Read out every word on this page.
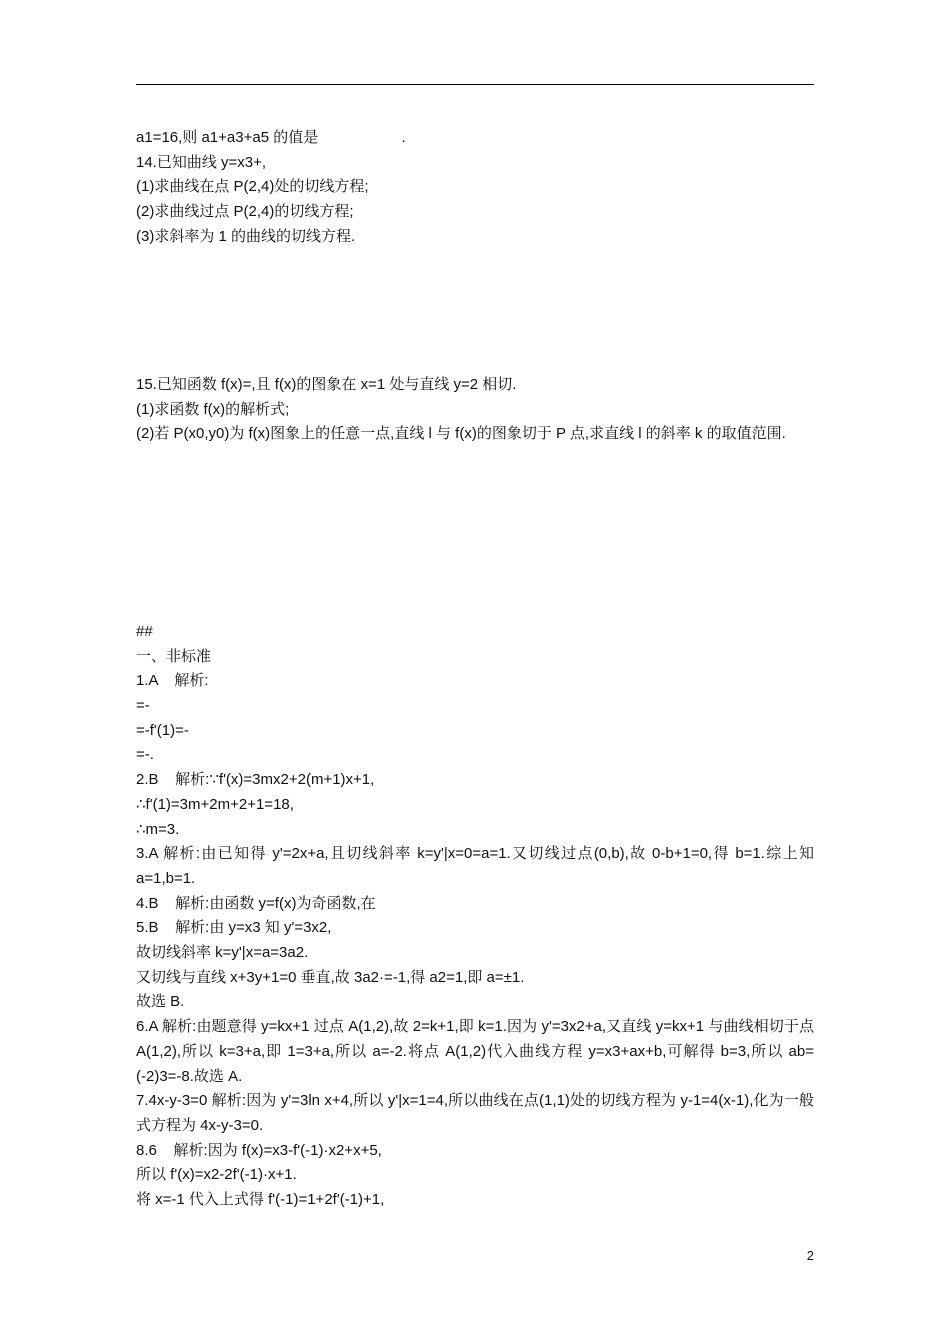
a1=16,则 a1+a3+a5 的值是                    .
14.已知曲线 y=x3+,
(1)求曲线在点 P(2,4)处的切线方程;
(2)求曲线过点 P(2,4)的切线方程;
(3)求斜率为 1 的曲线的切线方程.
15.已知函数 f(x)=,且 f(x)的图象在 x=1 处与直线 y=2 相切.
(1)求函数 f(x)的解析式;
(2)若 P(x0,y0)为 f(x)图象上的任意一点,直线 l 与 f(x)的图象切于 P 点,求直线 l 的斜率 k 的取值范围.
##
一、非标准
1.A    解析:
=-
=-f'(1)=-
=-.
2.B    解析:∵f'(x)=3mx2+2(m+1)x+1,
∴f'(1)=3m+2m+2+1=18,
∴m=3.
3.A 解析:由已知得 y'=2x+a,且切线斜率 k=y'|x=0=a=1.又切线过点(0,b),故 0-b+1=0,得 b=1.综上知 a=1,b=1.
4.B    解析:由函数 y=f(x)为奇函数,在
5.B    解析:由 y=x3 知 y'=3x2,
故切线斜率 k=y'|x=a=3a2.
又切线与直线 x+3y+1=0 垂直,故 3a2·=-1,得 a2=1,即 a=±1.
故选 B.
6.A 解析:由题意得 y=kx+1 过点 A(1,2),故 2=k+1,即 k=1.因为 y'=3x2+a,又直线 y=kx+1 与曲线相切于点 A(1,2),所以 k=3+a,即 1=3+a,所以 a=-2.将点 A(1,2)代入曲线方程 y=x3+ax+b,可解得 b=3,所以 ab=(-2)3=-8.故选 A.
7.4x-y-3=0 解析:因为 y'=3ln x+4,所以 y'|x=1=4,所以曲线在点(1,1)处的切线方程为 y-1=4(x-1),化为一般式方程为 4x-y-3=0.
8.6    解析:因为 f(x)=x3-f'(-1)·x2+x+5,
所以 f'(x)=x2-2f'(-1)·x+1.
将 x=-1 代入上式得 f'(-1)=1+2f'(-1)+1,
2
